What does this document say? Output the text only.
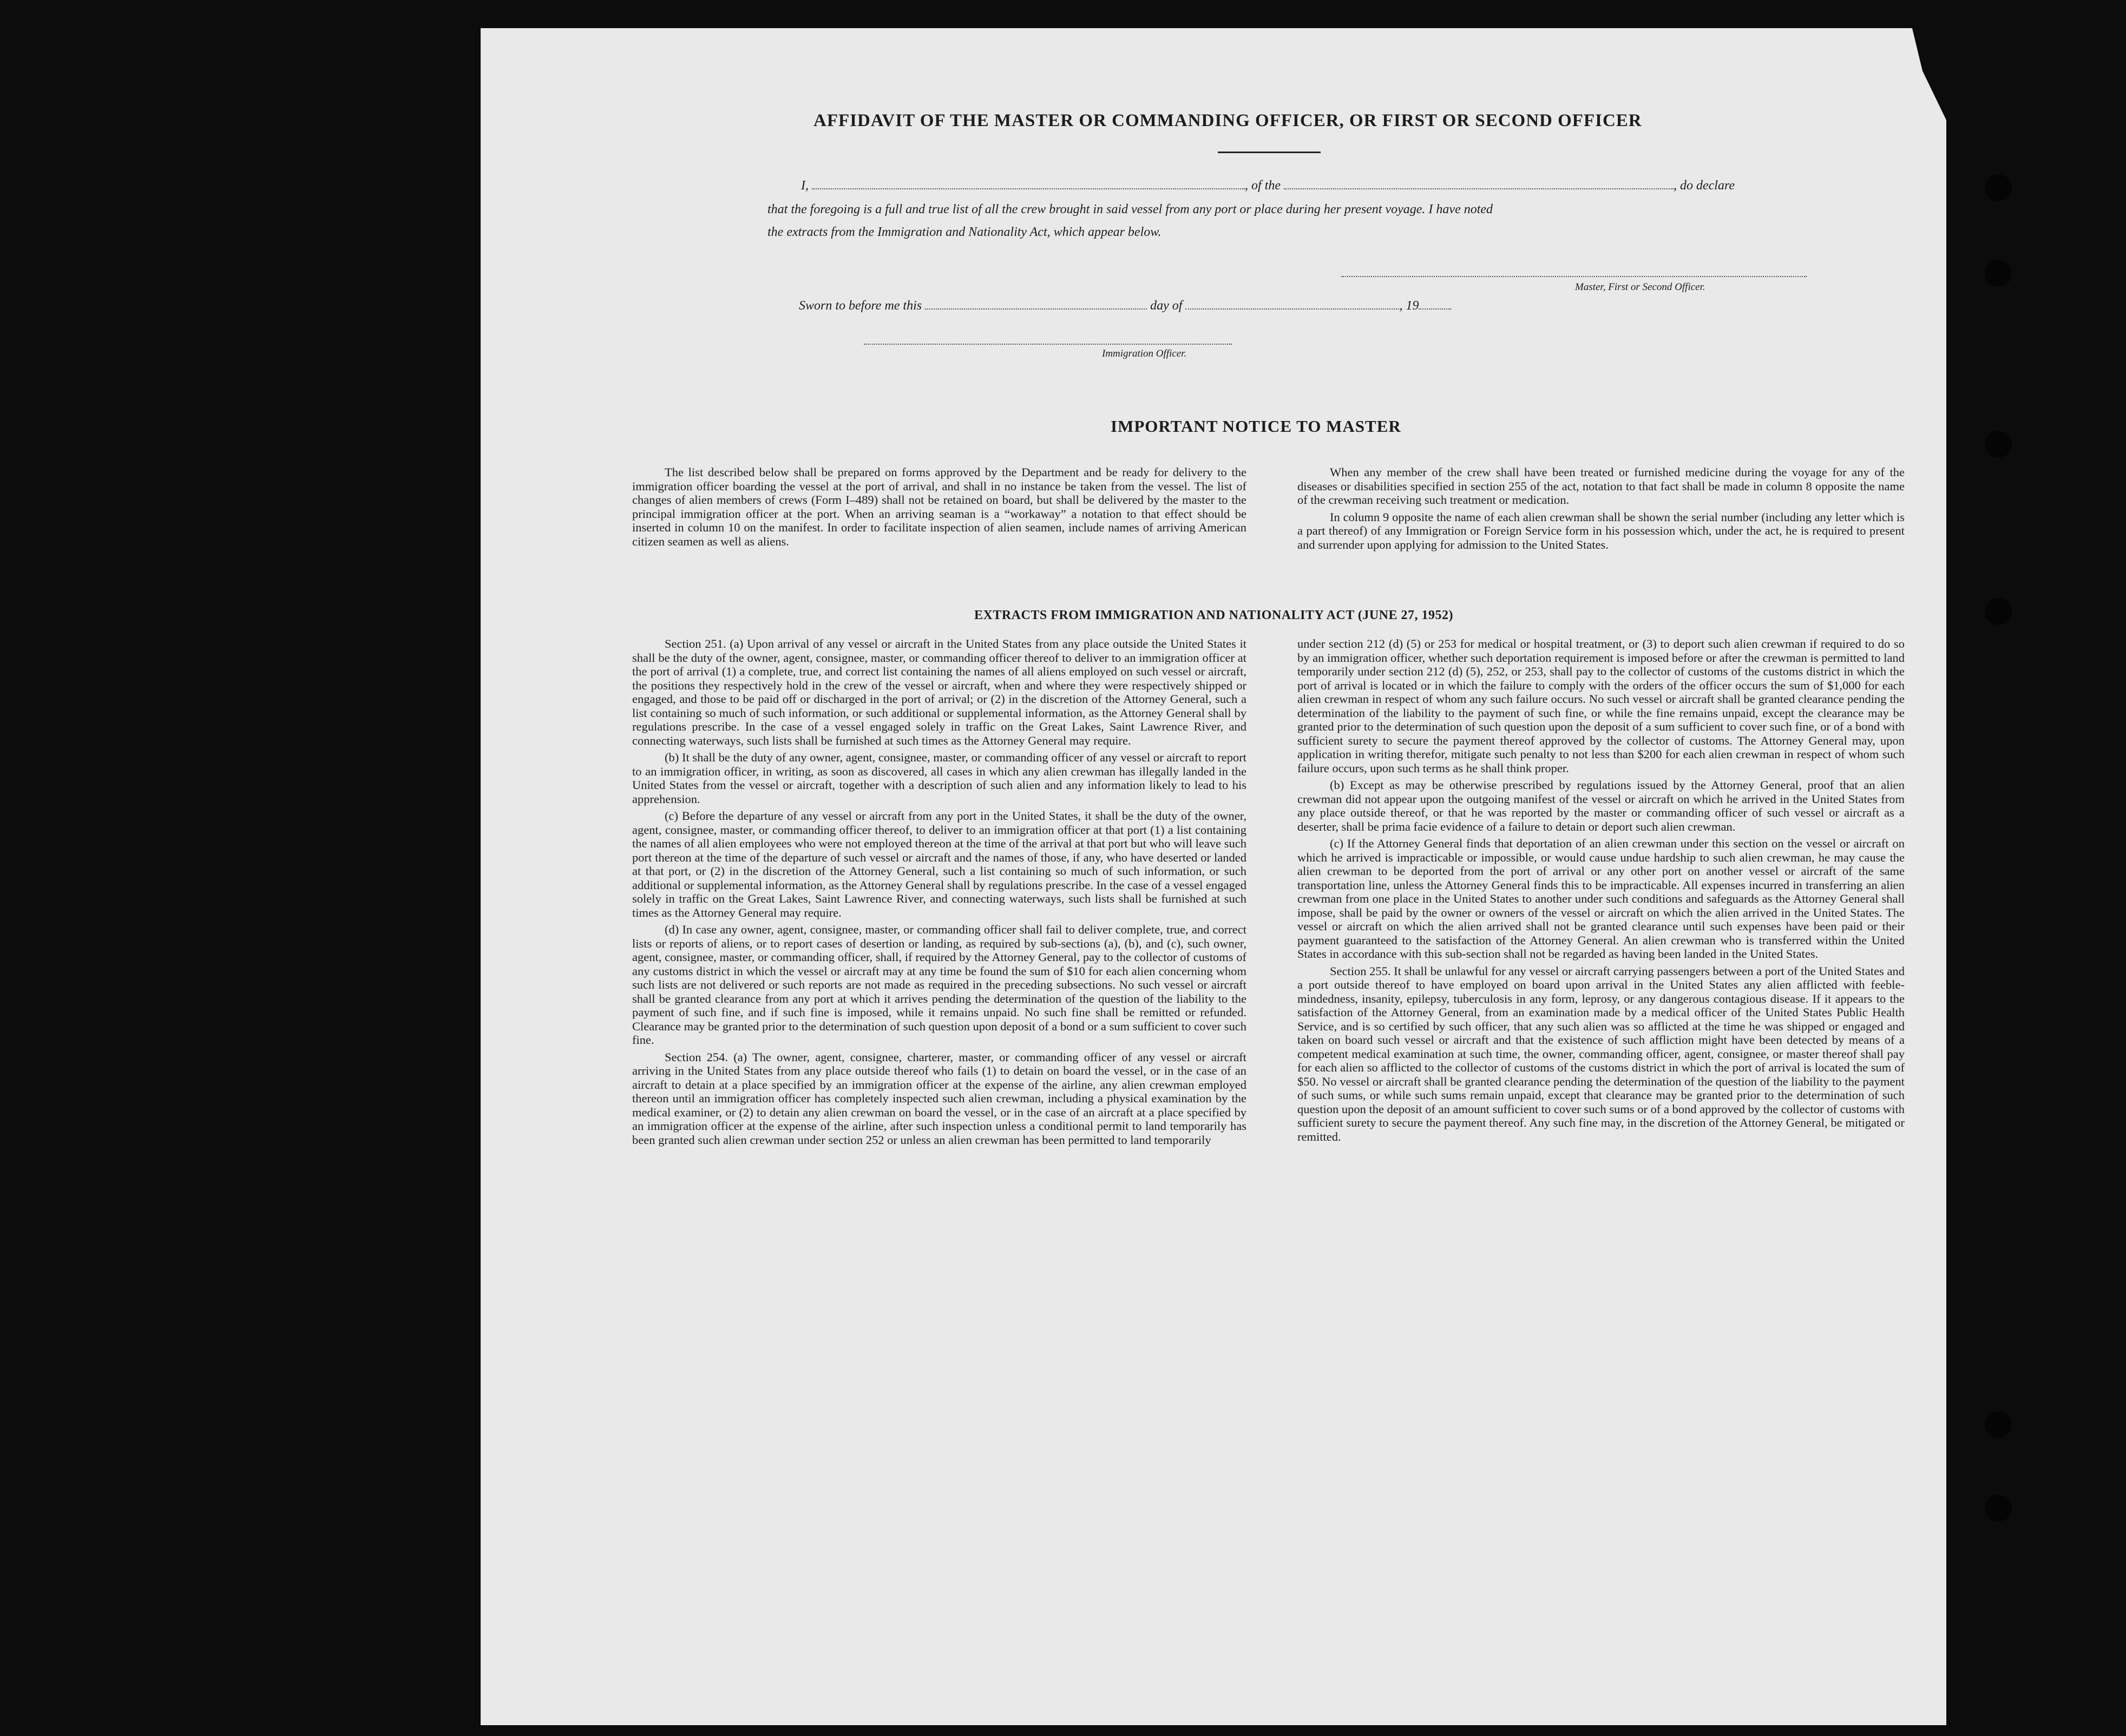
AFFIDAVIT OF THE MASTER OR COMMANDING OFFICER, OR FIRST OR SECOND OFFICER
I,	, of the	, do declare
that the foregoing is a full and true list of all the crew brought in said vessel from any port or place during her present voyage. I have noted
the extracts from the Immigration and Nationality Act, which appear below.
Master, First or Second Officer.
Sworn to before me this	day of	, 19
Immigration Officer.
IMPORTANT NOTICE TO MASTER

The list described below shall be prepared on forms approved by the Department and be ready for delivery to the immigration officer boarding the vessel at the port of arrival, and shall in no instance be taken from the vessel. The list of changes of alien members of crews (Form I–489) shall not be retained on board, but shall be delivered by the master to the principal immigration officer at the port. When an arriving seaman is a “workaway” a notation to that effect should be inserted in column 10 on the manifest. In order to facilitate inspection of alien seamen, include names of arriving American citizen seamen as well as aliens.

When any member of the crew shall have been treated or furnished medicine during the voyage for any of the diseases or disabilities specified in section 255 of the act, notation to that fact shall be made in column 8 opposite the name of the crewman receiving such treatment or medication.

In column 9 opposite the name of each alien crewman shall be shown the serial number (including any letter which is a part thereof) of any Immigration or Foreign Service form in his possession which, under the act, he is required to present and surrender upon applying for admission to the United States.

EXTRACTS FROM IMMIGRATION AND NATIONALITY ACT (JUNE 27, 1952)

Section 251. (a) Upon arrival of any vessel or aircraft in the United States from any place outside the United States it shall be the duty of the owner, agent, consignee, master, or commanding officer thereof to deliver to an immigration officer at the port of arrival (1) a complete, true, and correct list containing the names of all aliens employed on such vessel or aircraft, the positions they respectively hold in the crew of the vessel or aircraft, when and where they were respectively shipped or engaged, and those to be paid off or discharged in the port of arrival; or (2) in the discretion of the Attorney General, such a list containing so much of such information, or such additional or supplemental information, as the Attorney General shall by regulations prescribe. In the case of a vessel engaged solely in traffic on the Great Lakes, Saint Lawrence River, and connecting waterways, such lists shall be furnished at such times as the Attorney General may require.

(b) It shall be the duty of any owner, agent, consignee, master, or commanding officer of any vessel or aircraft to report to an immigration officer, in writing, as soon as discovered, all cases in which any alien crewman has illegally landed in the United States from the vessel or aircraft, together with a description of such alien and any information likely to lead to his apprehension.

(c) Before the departure of any vessel or aircraft from any port in the United States, it shall be the duty of the owner, agent, consignee, master, or commanding officer thereof, to deliver to an immigration officer at that port (1) a list containing the names of all alien employees who were not employed thereon at the time of the arrival at that port but who will leave such port thereon at the time of the departure of such vessel or aircraft and the names of those, if any, who have deserted or landed at that port, or (2) in the discretion of the Attorney General, such a list containing so much of such information, or such additional or supplemental information, as the Attorney General shall by regulations prescribe. In the case of a vessel engaged solely in traffic on the Great Lakes, Saint Lawrence River, and connecting waterways, such lists shall be furnished at such times as the Attorney General may require.

(d) In case any owner, agent, consignee, master, or commanding officer shall fail to deliver complete, true, and correct lists or reports of aliens, or to report cases of desertion or landing, as required by sub-sections (a), (b), and (c), such owner, agent, consignee, master, or commanding officer, shall, if required by the Attorney General, pay to the collector of customs of any customs district in which the vessel or aircraft may at any time be found the sum of $10 for each alien concerning whom such lists are not delivered or such reports are not made as required in the preceding subsections. No such vessel or aircraft shall be granted clearance from any port at which it arrives pending the determination of the question of the liability to the payment of such fine, and if such fine is imposed, while it remains unpaid. No such fine shall be remitted or refunded. Clearance may be granted prior to the determination of such question upon deposit of a bond or a sum sufficient to cover such fine.

Section 254. (a) The owner, agent, consignee, charterer, master, or commanding officer of any vessel or aircraft arriving in the United States from any place outside thereof who fails (1) to detain on board the vessel, or in the case of an aircraft to detain at a place specified by an immigration officer at the expense of the airline, any alien crewman employed thereon until an immigration officer has completely inspected such alien crewman, including a physical examination by the medical examiner, or (2) to detain any alien crewman on board the vessel, or in the case of an aircraft at a place specified by an immigration officer at the expense of the airline, after such inspection unless a conditional permit to land temporarily has been granted such alien crewman under section 252 or unless an alien crewman has been permitted to land temporarily

under section 212 (d) (5) or 253 for medical or hospital treatment, or (3) to deport such alien crewman if required to do so by an immigration officer, whether such deportation requirement is imposed before or after the crewman is permitted to land temporarily under section 212 (d) (5), 252, or 253, shall pay to the collector of customs of the customs district in which the port of arrival is located or in which the failure to comply with the orders of the officer occurs the sum of $1,000 for each alien crewman in respect of whom any such failure occurs. No such vessel or aircraft shall be granted clearance pending the determination of the liability to the payment of such fine, or while the fine remains unpaid, except the clearance may be granted prior to the determination of such question upon the deposit of a sum sufficient to cover such fine, or of a bond with sufficient surety to secure the payment thereof approved by the collector of customs. The Attorney General may, upon application in writing therefor, mitigate such penalty to not less than $200 for each alien crewman in respect of whom such failure occurs, upon such terms as he shall think proper.

(b) Except as may be otherwise prescribed by regulations issued by the Attorney General, proof that an alien crewman did not appear upon the outgoing manifest of the vessel or aircraft on which he arrived in the United States from any place outside thereof, or that he was reported by the master or commanding officer of such vessel or aircraft as a deserter, shall be prima facie evidence of a failure to detain or deport such alien crewman.

(c) If the Attorney General finds that deportation of an alien crewman under this section on the vessel or aircraft on which he arrived is impracticable or impossible, or would cause undue hardship to such alien crewman, he may cause the alien crewman to be deported from the port of arrival or any other port on another vessel or aircraft of the same transportation line, unless the Attorney General finds this to be impracticable. All expenses incurred in transferring an alien crewman from one place in the United States to another under such conditions and safeguards as the Attorney General shall impose, shall be paid by the owner or owners of the vessel or aircraft on which the alien arrived in the United States. The vessel or aircraft on which the alien arrived shall not be granted clearance until such expenses have been paid or their payment guaranteed to the satisfaction of the Attorney General. An alien crewman who is transferred within the United States in accordance with this sub-section shall not be regarded as having been landed in the United States.

Section 255. It shall be unlawful for any vessel or aircraft carrying passengers between a port of the United States and a port outside thereof to have employed on board upon arrival in the United States any alien afflicted with feeble-mindedness, insanity, epilepsy, tuberculosis in any form, leprosy, or any dangerous contagious disease. If it appears to the satisfaction of the Attorney General, from an examination made by a medical officer of the United States Public Health Service, and is so certified by such officer, that any such alien was so afflicted at the time he was shipped or engaged and taken on board such vessel or aircraft and that the existence of such affliction might have been detected by means of a competent medical examination at such time, the owner, commanding officer, agent, consignee, or master thereof shall pay for each alien so afflicted to the collector of customs of the customs district in which the port of arrival is located the sum of $50. No vessel or aircraft shall be granted clearance pending the determination of the question of the liability to the payment of such sums, or while such sums remain unpaid, except that clearance may be granted prior to the determination of such question upon the deposit of an amount sufficient to cover such sums or of a bond approved by the collector of customs with sufficient surety to secure the payment thereof. Any such fine may, in the discretion of the Attorney General, be mitigated or remitted.
